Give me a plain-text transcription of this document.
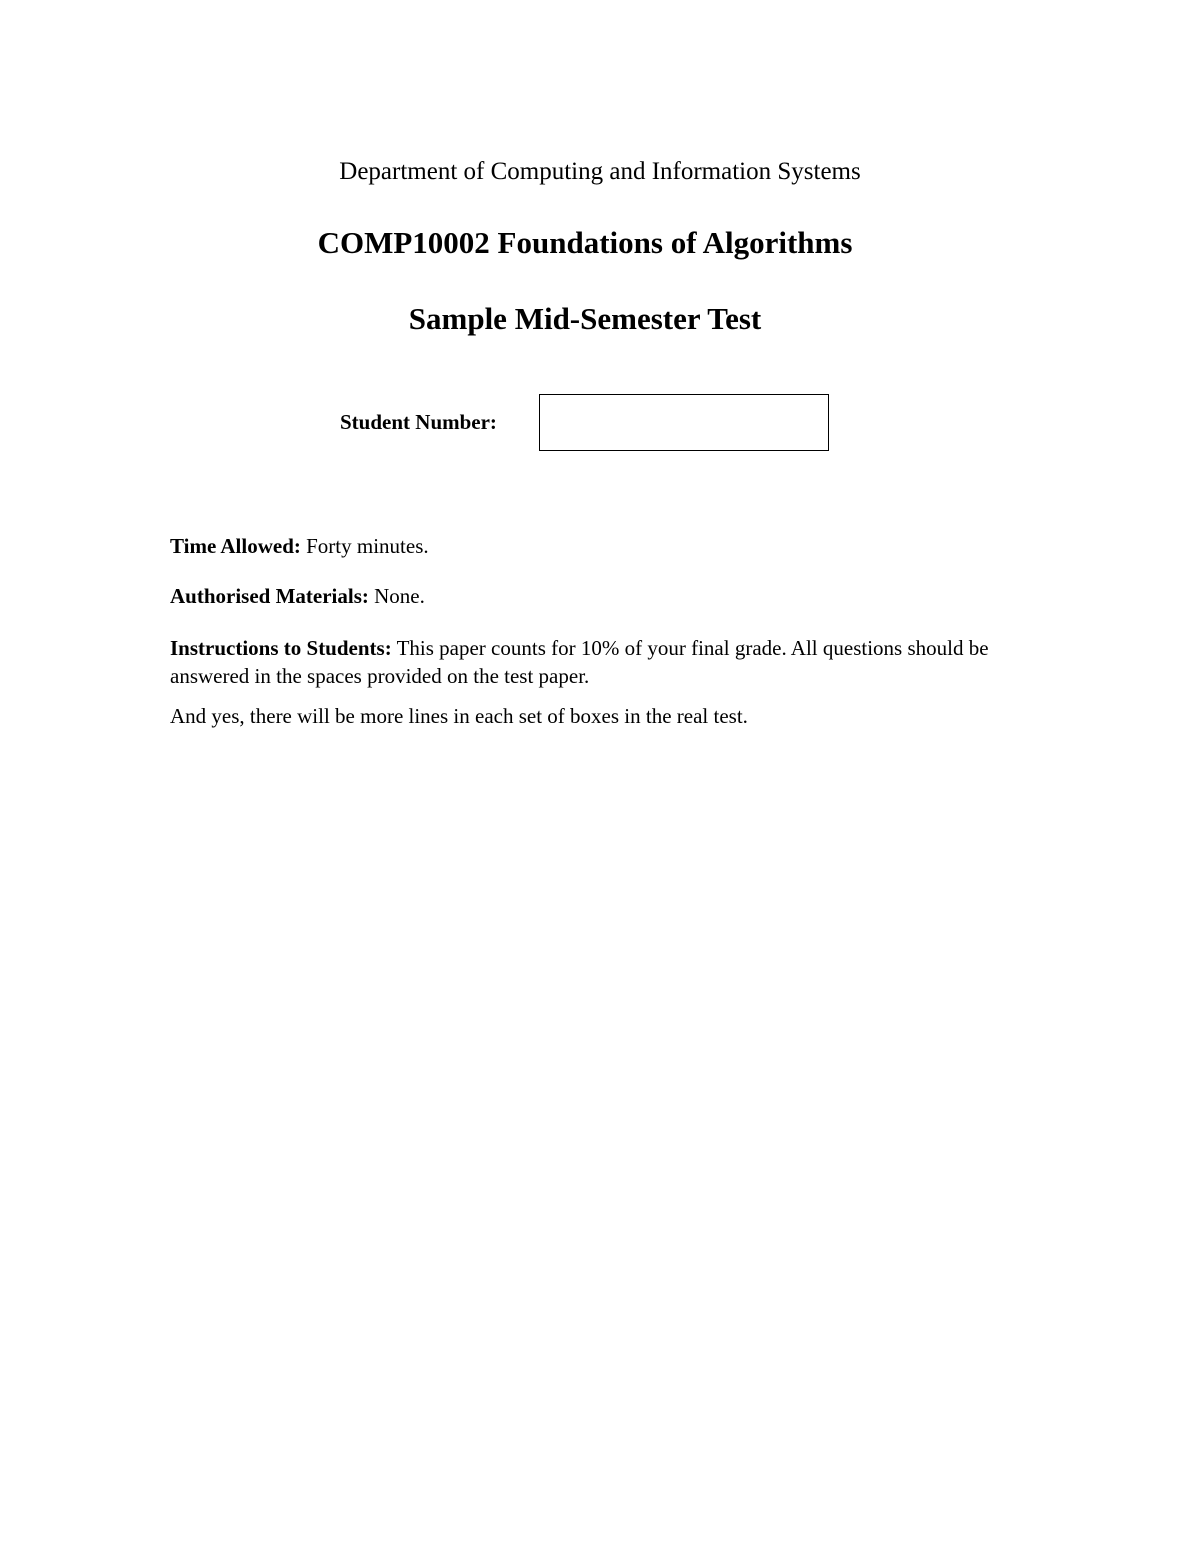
Department of Computing and Information Systems
COMP10002 Foundations of Algorithms
Sample Mid-Semester Test
Student Number:
Time Allowed: Forty minutes.
Authorised Materials: None.
Instructions to Students: This paper counts for 10% of your final grade. All questions should be answered in the spaces provided on the test paper.
And yes, there will be more lines in each set of boxes in the real test.
